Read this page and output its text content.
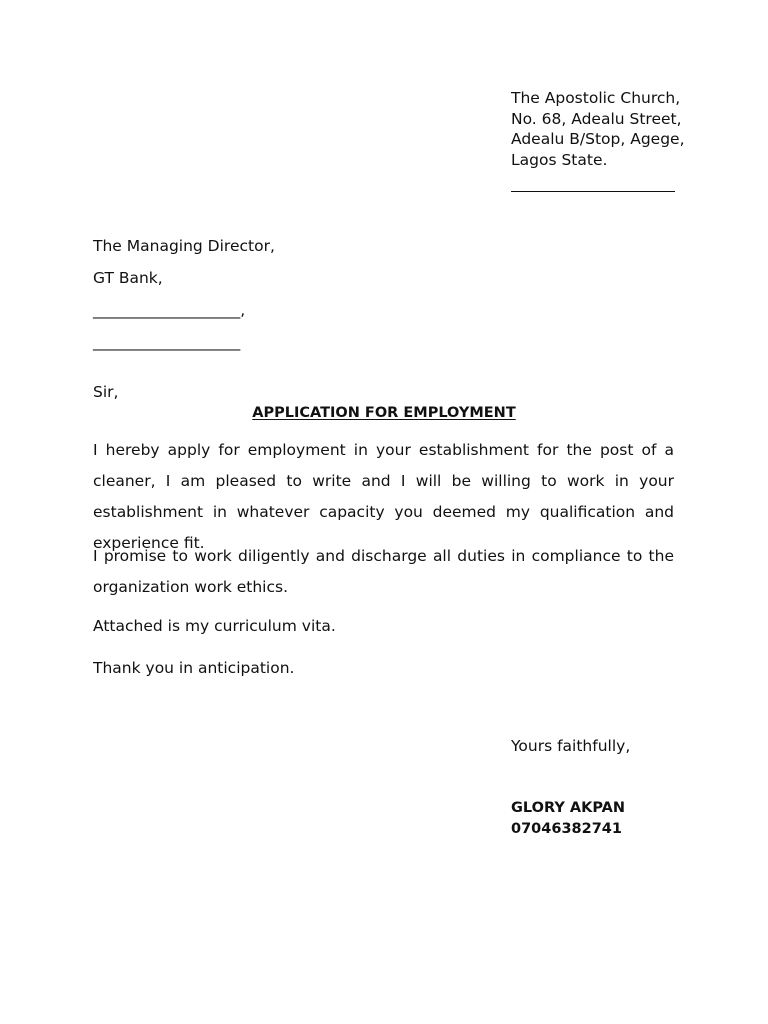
The Apostolic Church,
No. 68, Adealu Street,
Adealu B/Stop, Agege,
Lagos State.
The Managing Director,
GT Bank,
___________________,
___________________
Sir,
APPLICATION FOR EMPLOYMENT

I hereby apply for employment in your establishment for the post of a cleaner, I am pleased to write and I will be willing to work in your establishment in whatever capacity you deemed my qualification and experience fit.

I promise to work diligently and discharge all duties in compliance to the organization work ethics.

Attached is my curriculum vita.

Thank you in anticipation.

Yours faithfully,
GLORY AKPAN
07046382741
